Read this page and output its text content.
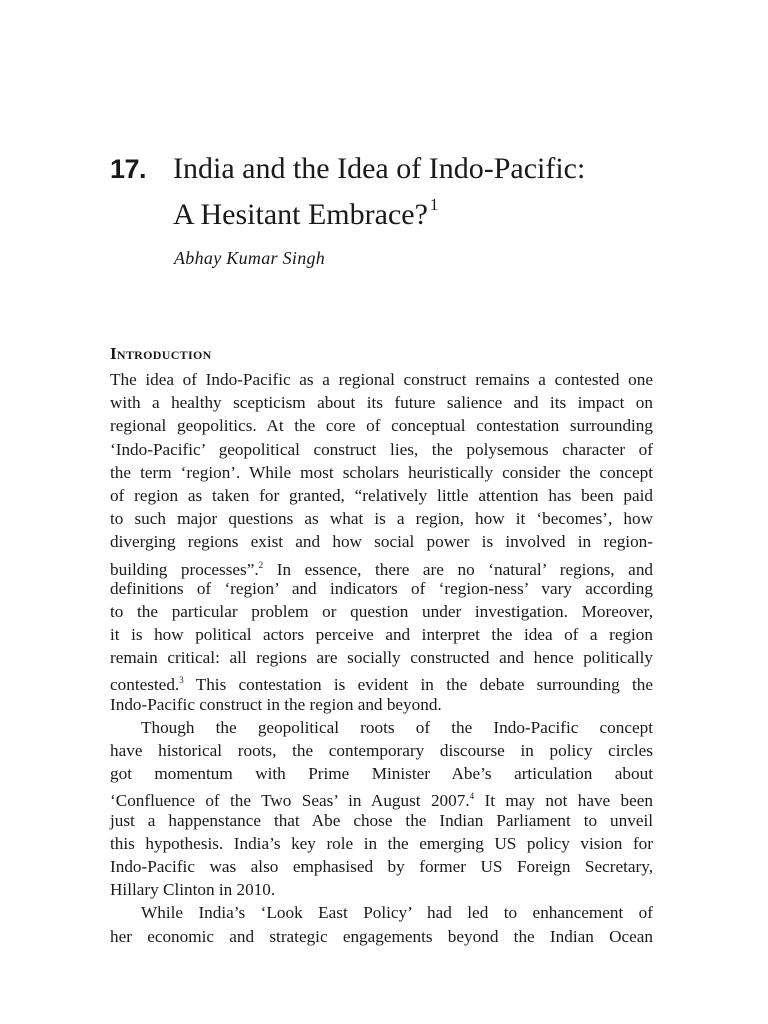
17. India and the Idea of Indo-Pacific:
A Hesitant Embrace? $^1$
Abhay Kumar Singh
Introduction
The idea of Indo-Pacific as a regional construct remains a contested one
with a healthy scepticism about its future salience and its impact on
regional geopolitics. At the core of conceptual contestation surrounding
‘Indo-Pacific’ geopolitical construct lies, the polysemous character of
the term ‘region’. While most scholars heuristically consider the concept
of region as taken for granted, “relatively little attention has been paid
to such major questions as what is a region, how it ‘becomes’, how
diverging regions exist and how social power is involved in region-
building processes”.$^2$ In essence, there are no ‘natural’ regions, and
definitions of ‘region’ and indicators of ‘region-ness’ vary according
to the particular problem or question under investigation. Moreover,
it is how political actors perceive and interpret the idea of a region
remain critical: all regions are socially constructed and hence politically
contested.$^3$ This contestation is evident in the debate surrounding the
Indo-Pacific construct in the region and beyond.
Though the geopolitical roots of the Indo-Pacific concept
have historical roots, the contemporary discourse in policy circles
got momentum with Prime Minister Abe’s articulation about
‘Confluence of the Two Seas’ in August 2007.$^4$ It may not have been
just a happenstance that Abe chose the Indian Parliament to unveil
this hypothesis. India’s key role in the emerging US policy vision for
Indo-Pacific was also emphasised by former US Foreign Secretary,
Hillary Clinton in 2010.
While India’s ‘Look East Policy’ had led to enhancement of
her economic and strategic engagements beyond the Indian Ocean
